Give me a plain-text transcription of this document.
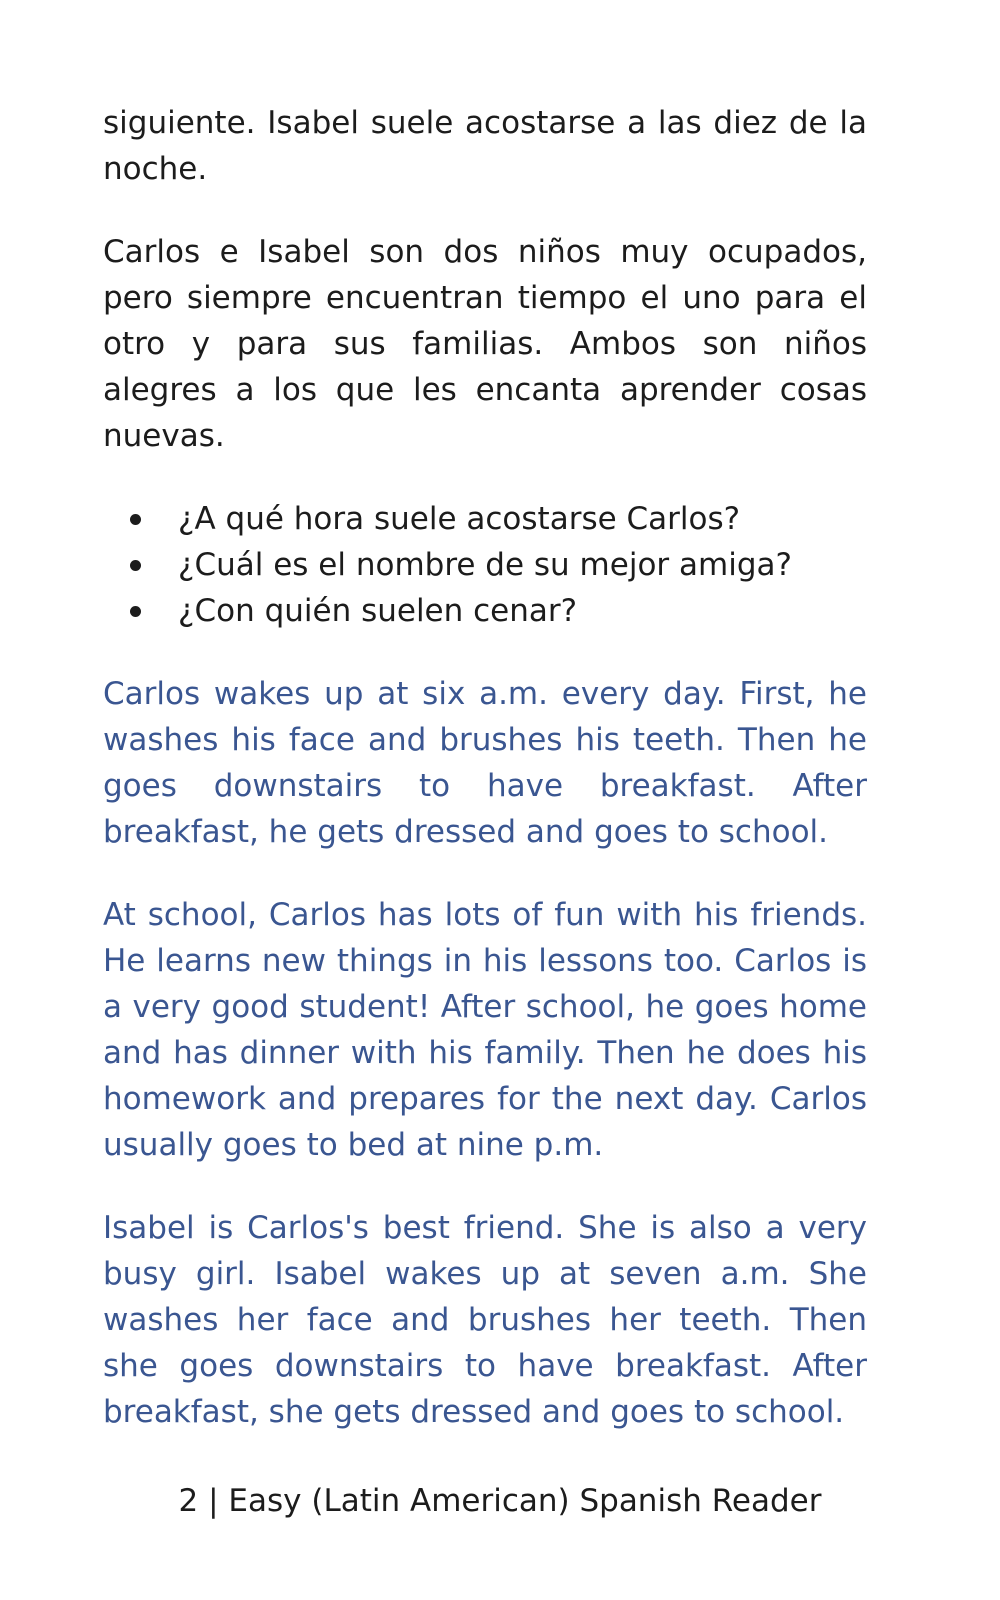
siguiente. Isabel suele acostarse a las diez de la noche.

Carlos e Isabel son dos niños muy ocupados, pero siempre encuentran tiempo el uno para el otro y para sus familias. Ambos son niños alegres a los que les encanta aprender cosas nuevas.

¿A qué hora suele acostarse Carlos?
¿Cuál es el nombre de su mejor amiga?
¿Con quién suelen cenar?

Carlos wakes up at six a.m. every day. First, he washes his face and brushes his teeth. Then he goes downstairs to have breakfast. After breakfast, he gets dressed and goes to school.

At school, Carlos has lots of fun with his friends. He learns new things in his lessons too. Carlos is a very good student! After school, he goes home and has dinner with his family. Then he does his homework and prepares for the next day. Carlos usually goes to bed at nine p.m.

Isabel is Carlos's best friend. She is also a very busy girl. Isabel wakes up at seven a.m. She washes her face and brushes her teeth. Then she goes downstairs to have breakfast. After breakfast, she gets dressed and goes to school.

2 | Easy (Latin American) Spanish Reader
